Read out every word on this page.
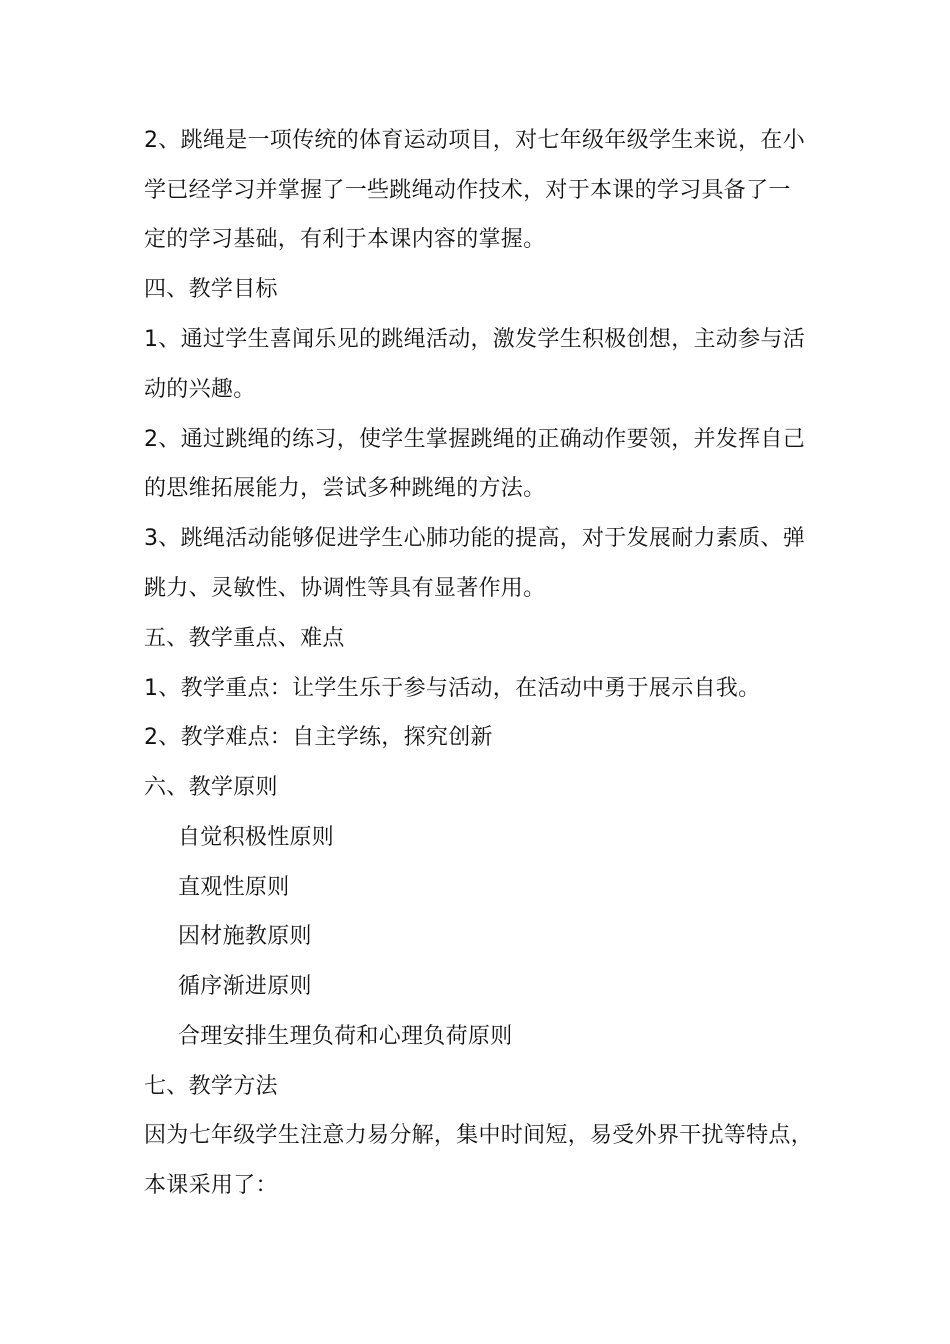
2、跳绳是一项传统的体育运动项目，对七年级年级学生来说，在小
学已经学习并掌握了一些跳绳动作技术，对于本课的学习具备了一
定的学习基础，有利于本课内容的掌握。
四、教学目标
1、通过学生喜闻乐见的跳绳活动，激发学生积极创想，主动参与活
动的兴趣。
2、通过跳绳的练习，使学生掌握跳绳的正确动作要领，并发挥自己
的思维拓展能力，尝试多种跳绳的方法。
3、跳绳活动能够促进学生心肺功能的提高，对于发展耐力素质、弹
跳力、灵敏性、协调性等具有显著作用。
五、教学重点、难点
1、教学重点：让学生乐于参与活动，在活动中勇于展示自我。
2、教学难点：自主学练，探究创新
六、教学原则
自觉积极性原则
直观性原则
因材施教原则
循序渐进原则
合理安排生理负荷和心理负荷原则
七、教学方法
因为七年级学生注意力易分解，集中时间短，易受外界干扰等特点，
本课采用了：
